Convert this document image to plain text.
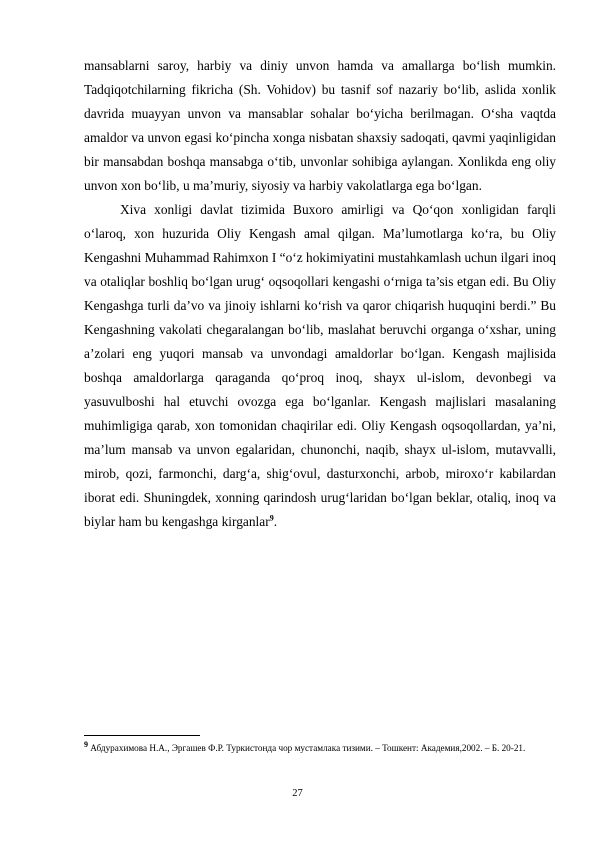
mansablarni saroy, harbiy va diniy unvon hamda va amallarga bo‘lish mumkin. Tadqiqotchilarning fikricha (Sh. Vohidov) bu tasnif sof nazariy bo‘lib, aslida xonlik davrida muayyan unvon va mansablar sohalar bo‘yicha berilmagan. O‘sha vaqtda amaldor va unvon egasi ko‘pincha xonga nisbatan shaxsiy sadoqati, qavmi yaqinligidan bir mansabdan boshqa mansabga o‘tib, unvonlar sohibiga aylangan. Xonlikda eng oliy unvon xon bo‘lib, u ma’muriy, siyosiy va harbiy vakolatlarga ega bo‘lgan.

Xiva xonligi davlat tizimida Buxoro amirligi va Qo‘qon xonligidan farqli o‘laroq, xon huzurida Oliy Kengash amal qilgan. Ma’lumotlarga ko‘ra, bu Oliy Kengashni Muhammad Rahimxon I “o‘z hokimiyatini mustahkamlash uchun ilgari inoq va otaliqlar boshliq bo‘lgan urug‘ oqsoqollari kengashi o‘rniga ta’sis etgan edi. Bu Oliy Kengashga turli da’vo va jinoiy ishlarni ko‘rish va qaror chiqarish huquqini berdi.” Bu Kengashning vakolati chegaralangan bo‘lib, maslahat beruvchi organga o‘xshar, uning a’zolari eng yuqori mansab va unvondagi amaldorlar bo‘lgan. Kengash majlisida boshqa amaldorlarga qaraganda qo‘proq inoq, shayx ul-islom, devonbegi va yasuvulboshi hal etuvchi ovozga ega bo‘lganlar. Kengash majlislari masalaning muhimligiga qarab, xon tomonidan chaqirilar edi. Oliy Kengash oqsoqollardan, ya’ni, ma’lum mansab va unvon egalaridan, chunonchi, naqib, shayx ul-islom, mutavvalli, mirob, qozi, farmonchi, darg‘a, shig‘ovul, dasturxonchi, arbob, miroxo‘r kabilardan iborat edi. Shuningdek, xonning qarindosh urug‘laridan bo‘lgan beklar, otaliq, inoq va biylar ham bu kengashga kirganlar$^9$.

$^9$ Абдурахимова Н.А., Эргашев Ф.Р. Туркистонда чор мустамлака тизими. – Тошкент: Академия,2002. – Б. 20-21.
27
